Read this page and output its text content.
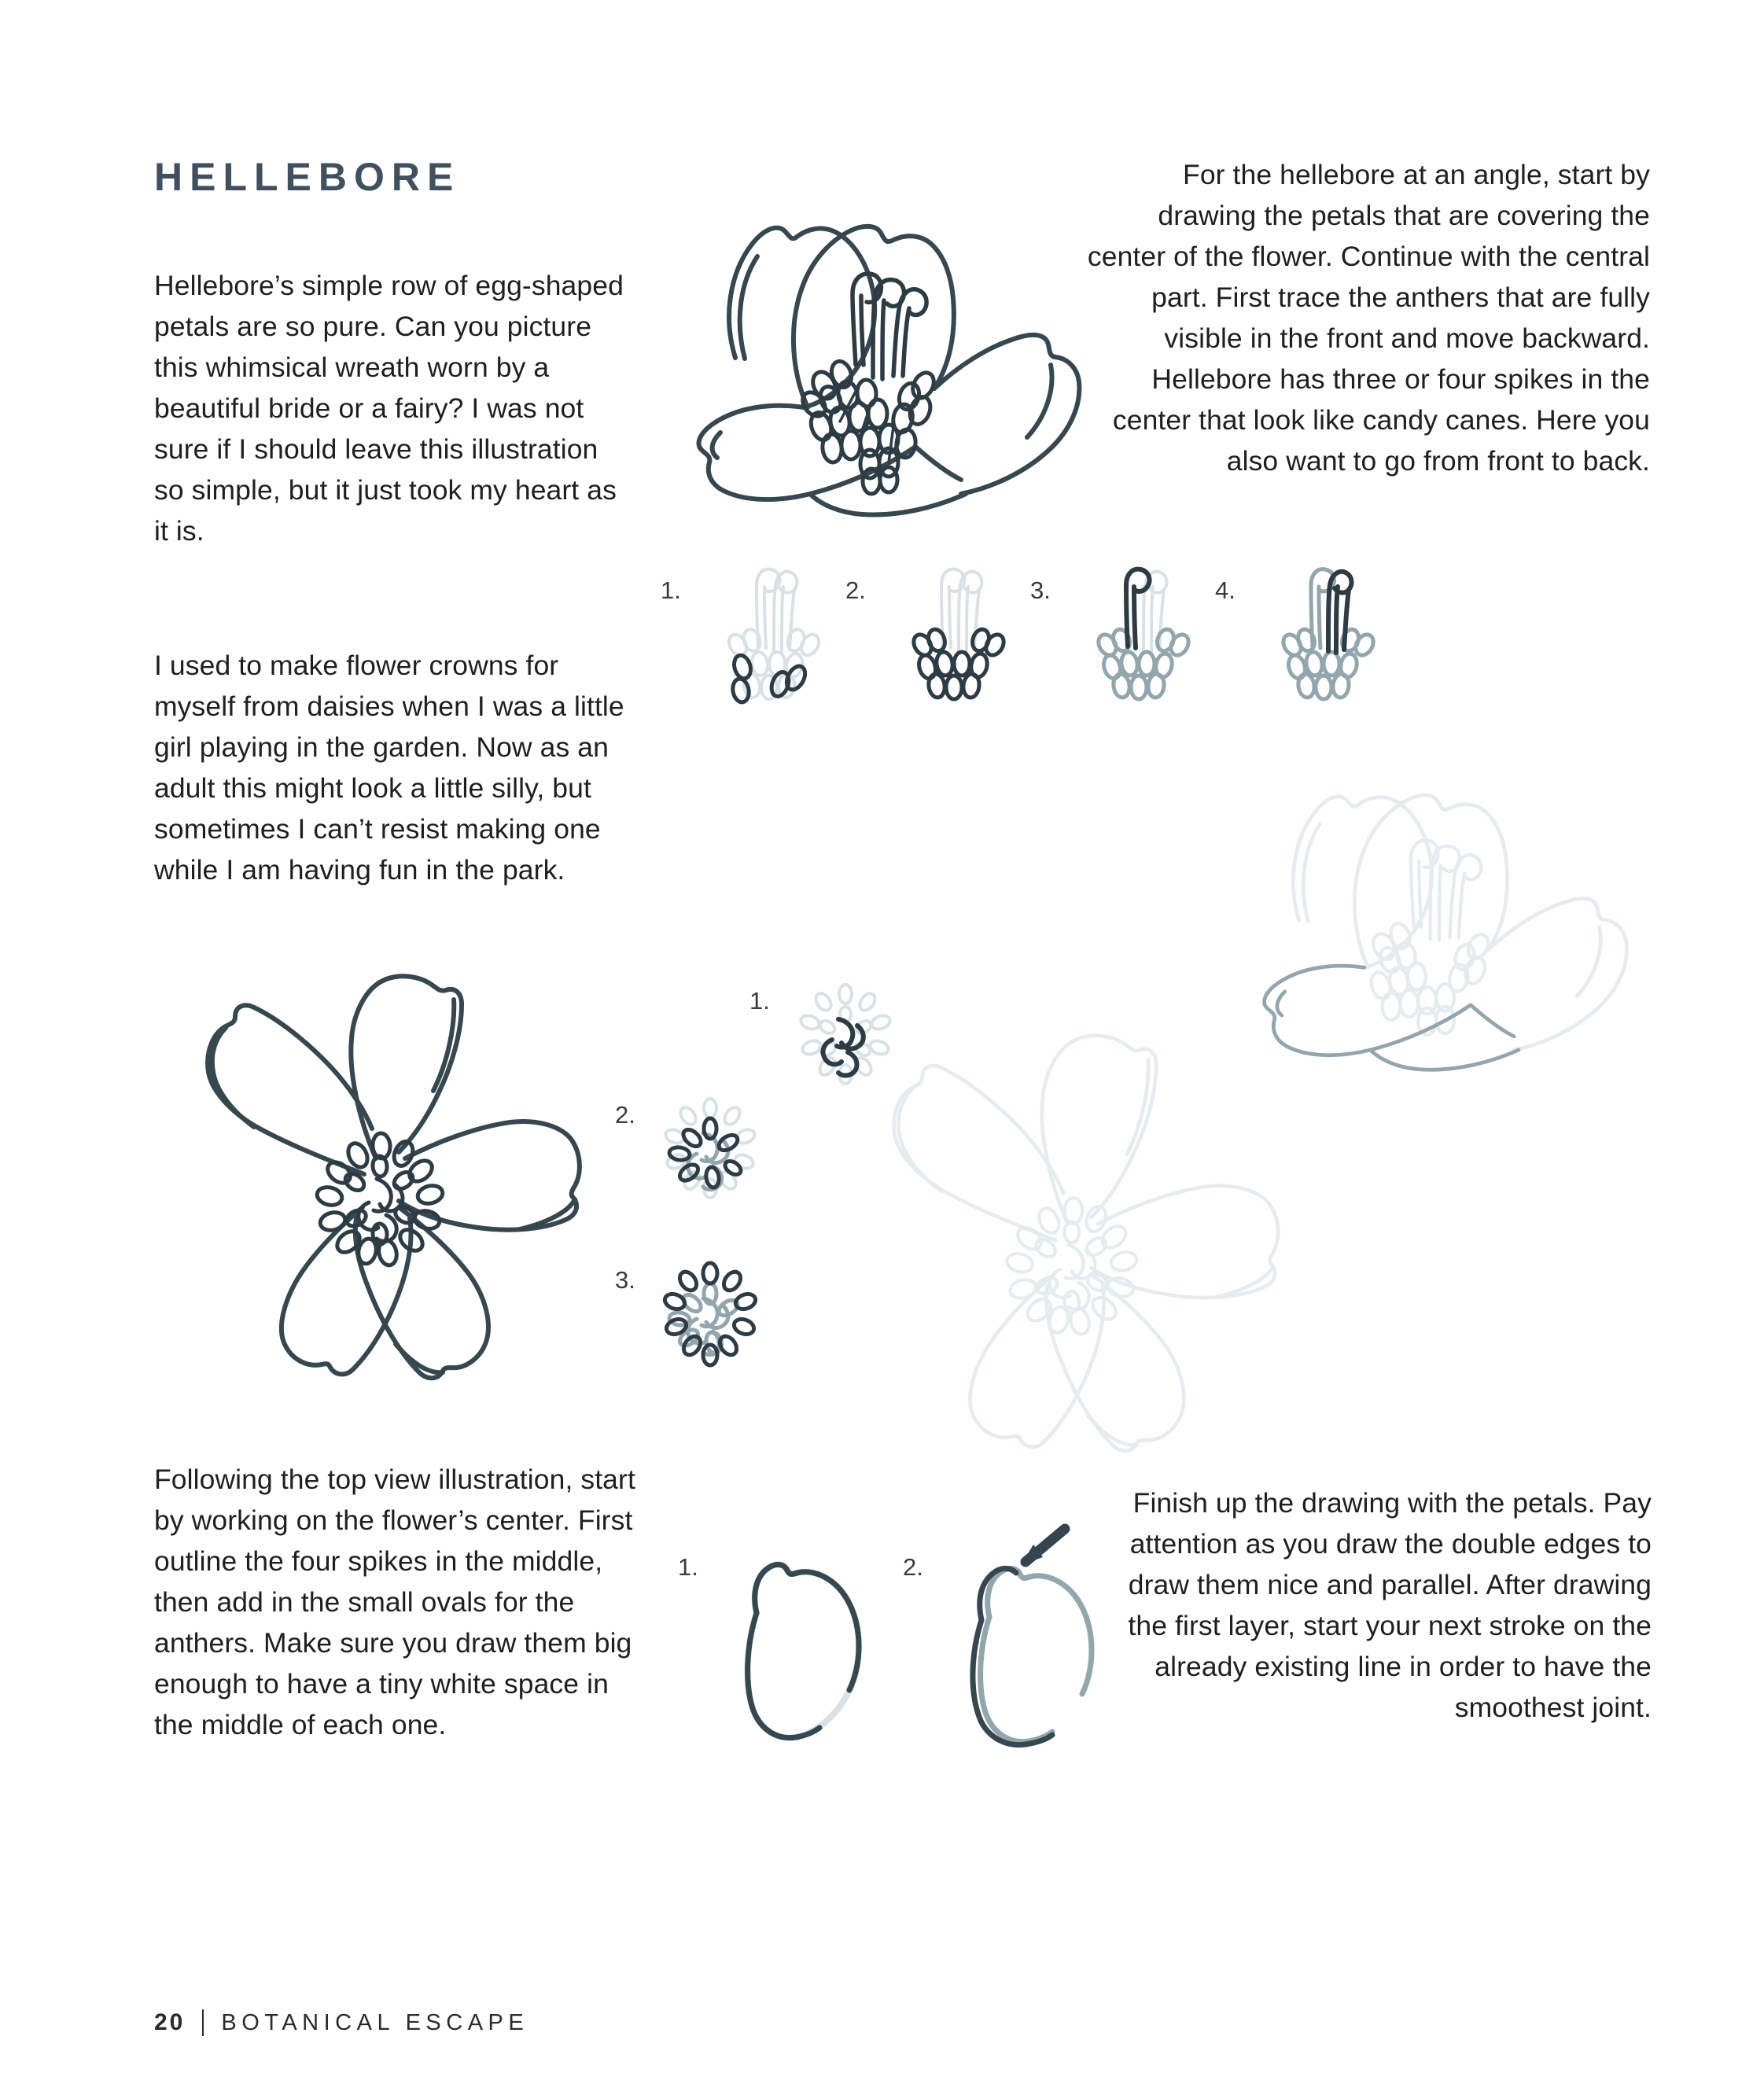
HELLEBORE

Hellebore’s simple row of egg-shaped petals are so pure. Can you picture this whimsical wreath worn by a beautiful bride or a fairy? I was not sure if I should leave this illustration so simple, but it just took my heart as it is.

I used to make flower crowns for myself from daisies when I was a little girl playing in the garden. Now as an adult this might look a little silly, but sometimes I can’t resist making one while I am having fun in the park.

For the hellebore at an angle, start by drawing the petals that are covering the center of the flower. Continue with the central part. First trace the anthers that are fully visible in the front and move backward. Hellebore has three or four spikes in the center that look like candy canes. Here you also want to go from front to back.

Following the top view illustration, start by working on the flower’s center. First outline the four spikes in the middle, then add in the small ovals for the anthers. Make sure you draw them big enough to have a tiny white space in the middle of each one.

Finish up the drawing with the petals. Pay attention as you draw the double edges to draw them nice and parallel. After drawing the first layer, start your next stroke on the already existing line in order to have the smoothest joint.

1.	2.	3.	4.
1.
2.
3.
1.	2.
20 BOTANICAL ESCAPE
